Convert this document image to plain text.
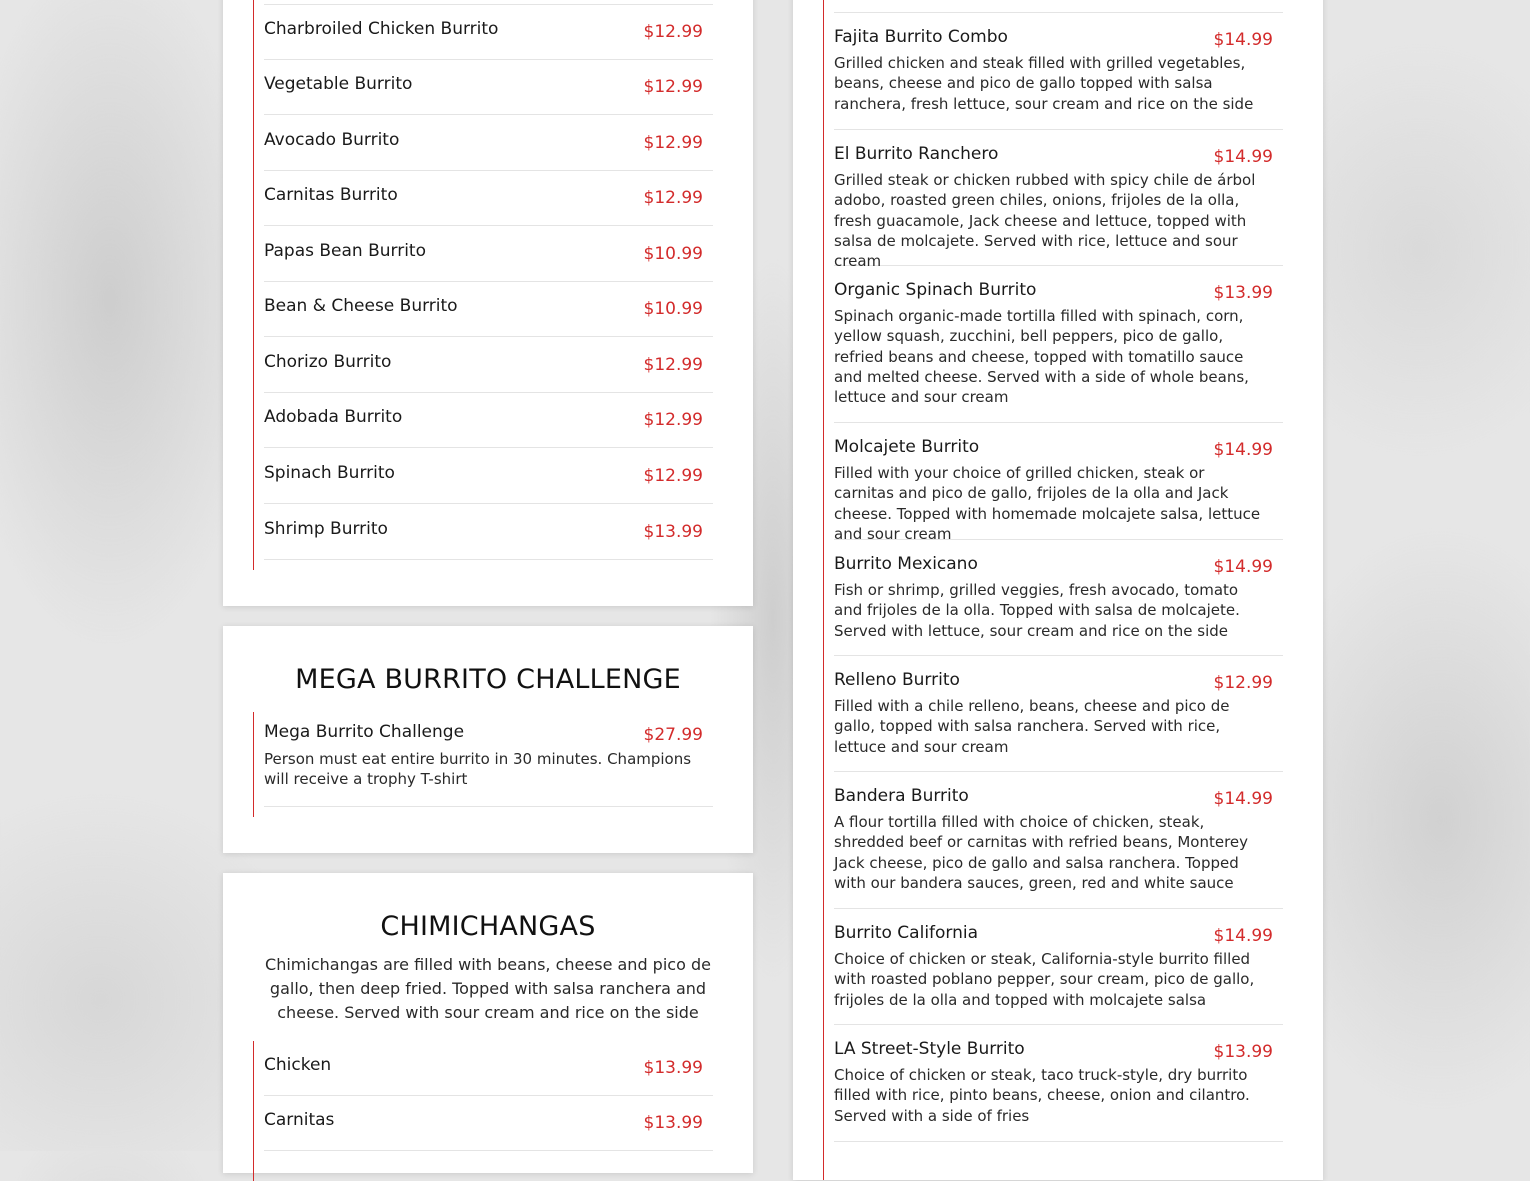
Charbroiled Chicken Burrito	$12.99
Vegetable Burrito	$12.99
Avocado Burrito	$12.99
Carnitas Burrito	$12.99
Papas Bean Burrito	$10.99
Bean & Cheese Burrito	$10.99
Chorizo Burrito	$12.99
Adobada Burrito	$12.99
Spinach Burrito	$12.99
Shrimp Burrito	$13.99
MEGA BURRITO CHALLENGE
Mega Burrito Challenge	$27.99
Person must eat entire burrito in 30 minutes. Champions will receive a trophy T-shirt
CHIMICHANGAS
Chimichangas are filled with beans, cheese and pico de gallo, then deep fried. Topped with salsa ranchera and cheese. Served with sour cream and rice on the side
Chicken	$13.99
Carnitas	$13.99
Fajita Burrito Combo	$14.99
Grilled chicken and steak filled with grilled vegetables, beans, cheese and pico de gallo topped with salsa ranchera, fresh lettuce, sour cream and rice on the side
El Burrito Ranchero	$14.99
Grilled steak or chicken rubbed with spicy chile de árbol adobo, roasted green chiles, onions, frijoles de la olla, fresh guacamole, Jack cheese and lettuce, topped with salsa de molcajete. Served with rice, lettuce and sour cream
Organic Spinach Burrito	$13.99
Spinach organic-made tortilla filled with spinach, corn, yellow squash, zucchini, bell peppers, pico de gallo, refried beans and cheese, topped with tomatillo sauce and melted cheese. Served with a side of whole beans, lettuce and sour cream
Molcajete Burrito	$14.99
Filled with your choice of grilled chicken, steak or carnitas and pico de gallo, frijoles de la olla and Jack cheese. Topped with homemade molcajete salsa, lettuce and sour cream
Burrito Mexicano	$14.99
Fish or shrimp, grilled veggies, fresh avocado, tomato and frijoles de la olla. Topped with salsa de molcajete. Served with lettuce, sour cream and rice on the side
Relleno Burrito	$12.99
Filled with a chile relleno, beans, cheese and pico de gallo, topped with salsa ranchera. Served with rice, lettuce and sour cream
Bandera Burrito	$14.99
A flour tortilla filled with choice of chicken, steak, shredded beef or carnitas with refried beans, Monterey Jack cheese, pico de gallo and salsa ranchera. Topped with our bandera sauces, green, red and white sauce
Burrito California	$14.99
Choice of chicken or steak, California-style burrito filled with roasted poblano pepper, sour cream, pico de gallo, frijoles de la olla and topped with molcajete salsa
LA Street-Style Burrito	$13.99
Choice of chicken or steak, taco truck-style, dry burrito filled with rice, pinto beans, cheese, onion and cilantro. Served with a side of fries
